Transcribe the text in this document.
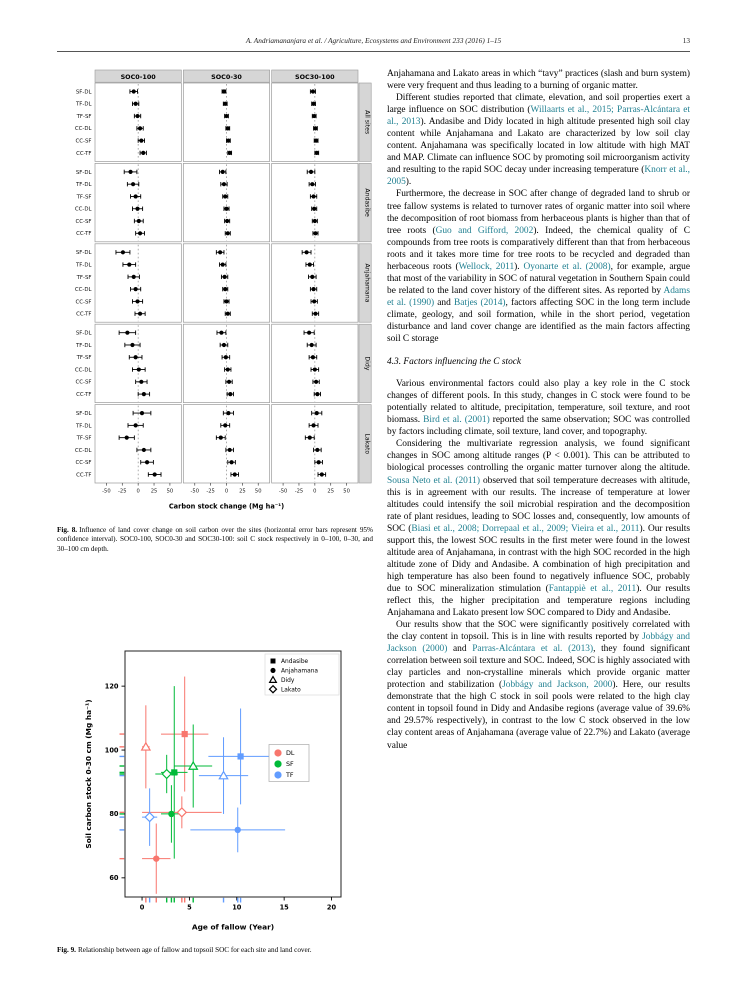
A. Andriamananjara et al. / Agriculture, Ecosystems and Environment 233 (2016) 1–15	13
SOC0-100	SOC0-30	SOC30-100
All sites
SF-DL
TF-DL
TF-SF
CC-DL
CC-SF
CC-TF
Andasibe
SF-DL
TF-DL
TF-SF
CC-DL
CC-SF
CC-TF
Anjahamana
SF-DL
TF-DL
TF-SF
CC-DL
CC-SF
CC-TF
Didy
SF-DL
TF-DL
TF-SF
CC-DL
CC-SF
CC-TF
Lakato
SF-DL
TF-DL
TF-SF
CC-DL
CC-SF
CC-TF
-50 -25 0 25 50	-50 -25 0 25 50	-50 -25 0 25 50
Carbon stock change (Mg ha⁻¹)
Fig. 8. Influence of land cover change on soil carbon over the sites (horizontal error bars represent 95% confidence interval). SOC0-100, SOC0-30 and SOC30-100: soil C stock respectively in 0–100, 0–30, and 30–100 cm depth.
60
80
100
120
0	5	10	15	20
Andasibe
Anjahamana
Didy
Lakato
DL
SF
TF
Age of fallow (Year)
Soil carbon stock 0-30 cm (Mg ha⁻¹)
Fig. 9. Relationship between age of fallow and topsoil SOC for each site and land cover.

Anjahamana and Lakato areas in which “tavy” practices (slash and burn system) were very frequent and thus leading to a burning of organic matter.

Different studies reported that climate, elevation, and soil properties exert a large influence on SOC distribution (Willaarts et al., 2015; Parras-Alcántara et al., 2013). Andasibe and Didy located in high altitude presented high soil clay content while Anjahamana and Lakato are characterized by low soil clay content. Anjahamana was specifically located in low altitude with high MAT and MAP. Climate can influence SOC by promoting soil microorganism activity and resulting to the rapid SOC decay under increasing temperature (Knorr et al., 2005).

Furthermore, the decrease in SOC after change of degraded land to shrub or tree fallow systems is related to turnover rates of organic matter into soil where the decomposition of root biomass from herbaceous plants is higher than that of tree roots (Guo and Gifford, 2002). Indeed, the chemical quality of C compounds from tree roots is comparatively different than that from herbaceous roots and it takes more time for tree roots to be recycled and degraded than herbaceous roots (Wellock, 2011). Oyonarte et al. (2008), for example, argue that most of the variability in SOC of natural vegetation in Southern Spain could be related to the land cover history of the different sites. As reported by Adams et al. (1990) and Batjes (2014), factors affecting SOC in the long term include climate, geology, and soil formation, while in the short period, vegetation disturbance and land cover change are identified as the main factors affecting soil C storage

4.3. Factors influencing the C stock

Various environmental factors could also play a key role in the C stock changes of different pools. In this study, changes in C stock were found to be potentially related to altitude, precipitation, temperature, soil texture, and root biomass. Bird et al. (2001) reported the same observation; SOC was controlled by factors including climate, soil texture, land cover, and topography.

Considering the multivariate regression analysis, we found significant changes in SOC among altitude ranges (P < 0.001). This can be attributed to biological processes controlling the organic matter turnover along the altitude. Sousa Neto et al. (2011) observed that soil temperature decreases with altitude, this is in agreement with our results. The increase of temperature at lower altitudes could intensify the soil microbial respiration and the decomposition rate of plant residues, leading to SOC losses and, consequently, low amounts of SOC (Biasi et al., 2008; Dorrepaal et al., 2009; Vieira et al., 2011). Our results support this, the lowest SOC results in the first meter were found in the lowest altitude area of Anjahamana, in contrast with the high SOC recorded in the high altitude zone of Didy and Andasibe. A combination of high precipitation and high temperature has also been found to negatively influence SOC, probably due to SOC mineralization stimulation (Fantappiè et al., 2011). Our results reflect this, the higher precipitation and temperature regions including Anjahamana and Lakato present low SOC compared to Didy and Andasibe.

Our results show that the SOC were significantly positively correlated with the clay content in topsoil. This is in line with results reported by Jobbágy and Jackson (2000) and Parras-Alcántara et al. (2013), they found significant correlation between soil texture and SOC. Indeed, SOC is highly associated with clay particles and non-crystalline minerals which provide organic matter protection and stabilization (Jobbágy and Jackson, 2000). Here, our results demonstrate that the high C stock in soil pools were related to the high clay content in topsoil found in Didy and Andasibe regions (average value of 39.6% and 29.57% respectively), in contrast to the low C stock observed in the low clay content areas of Anjahamana (average value of 22.7%) and Lakato (average value
